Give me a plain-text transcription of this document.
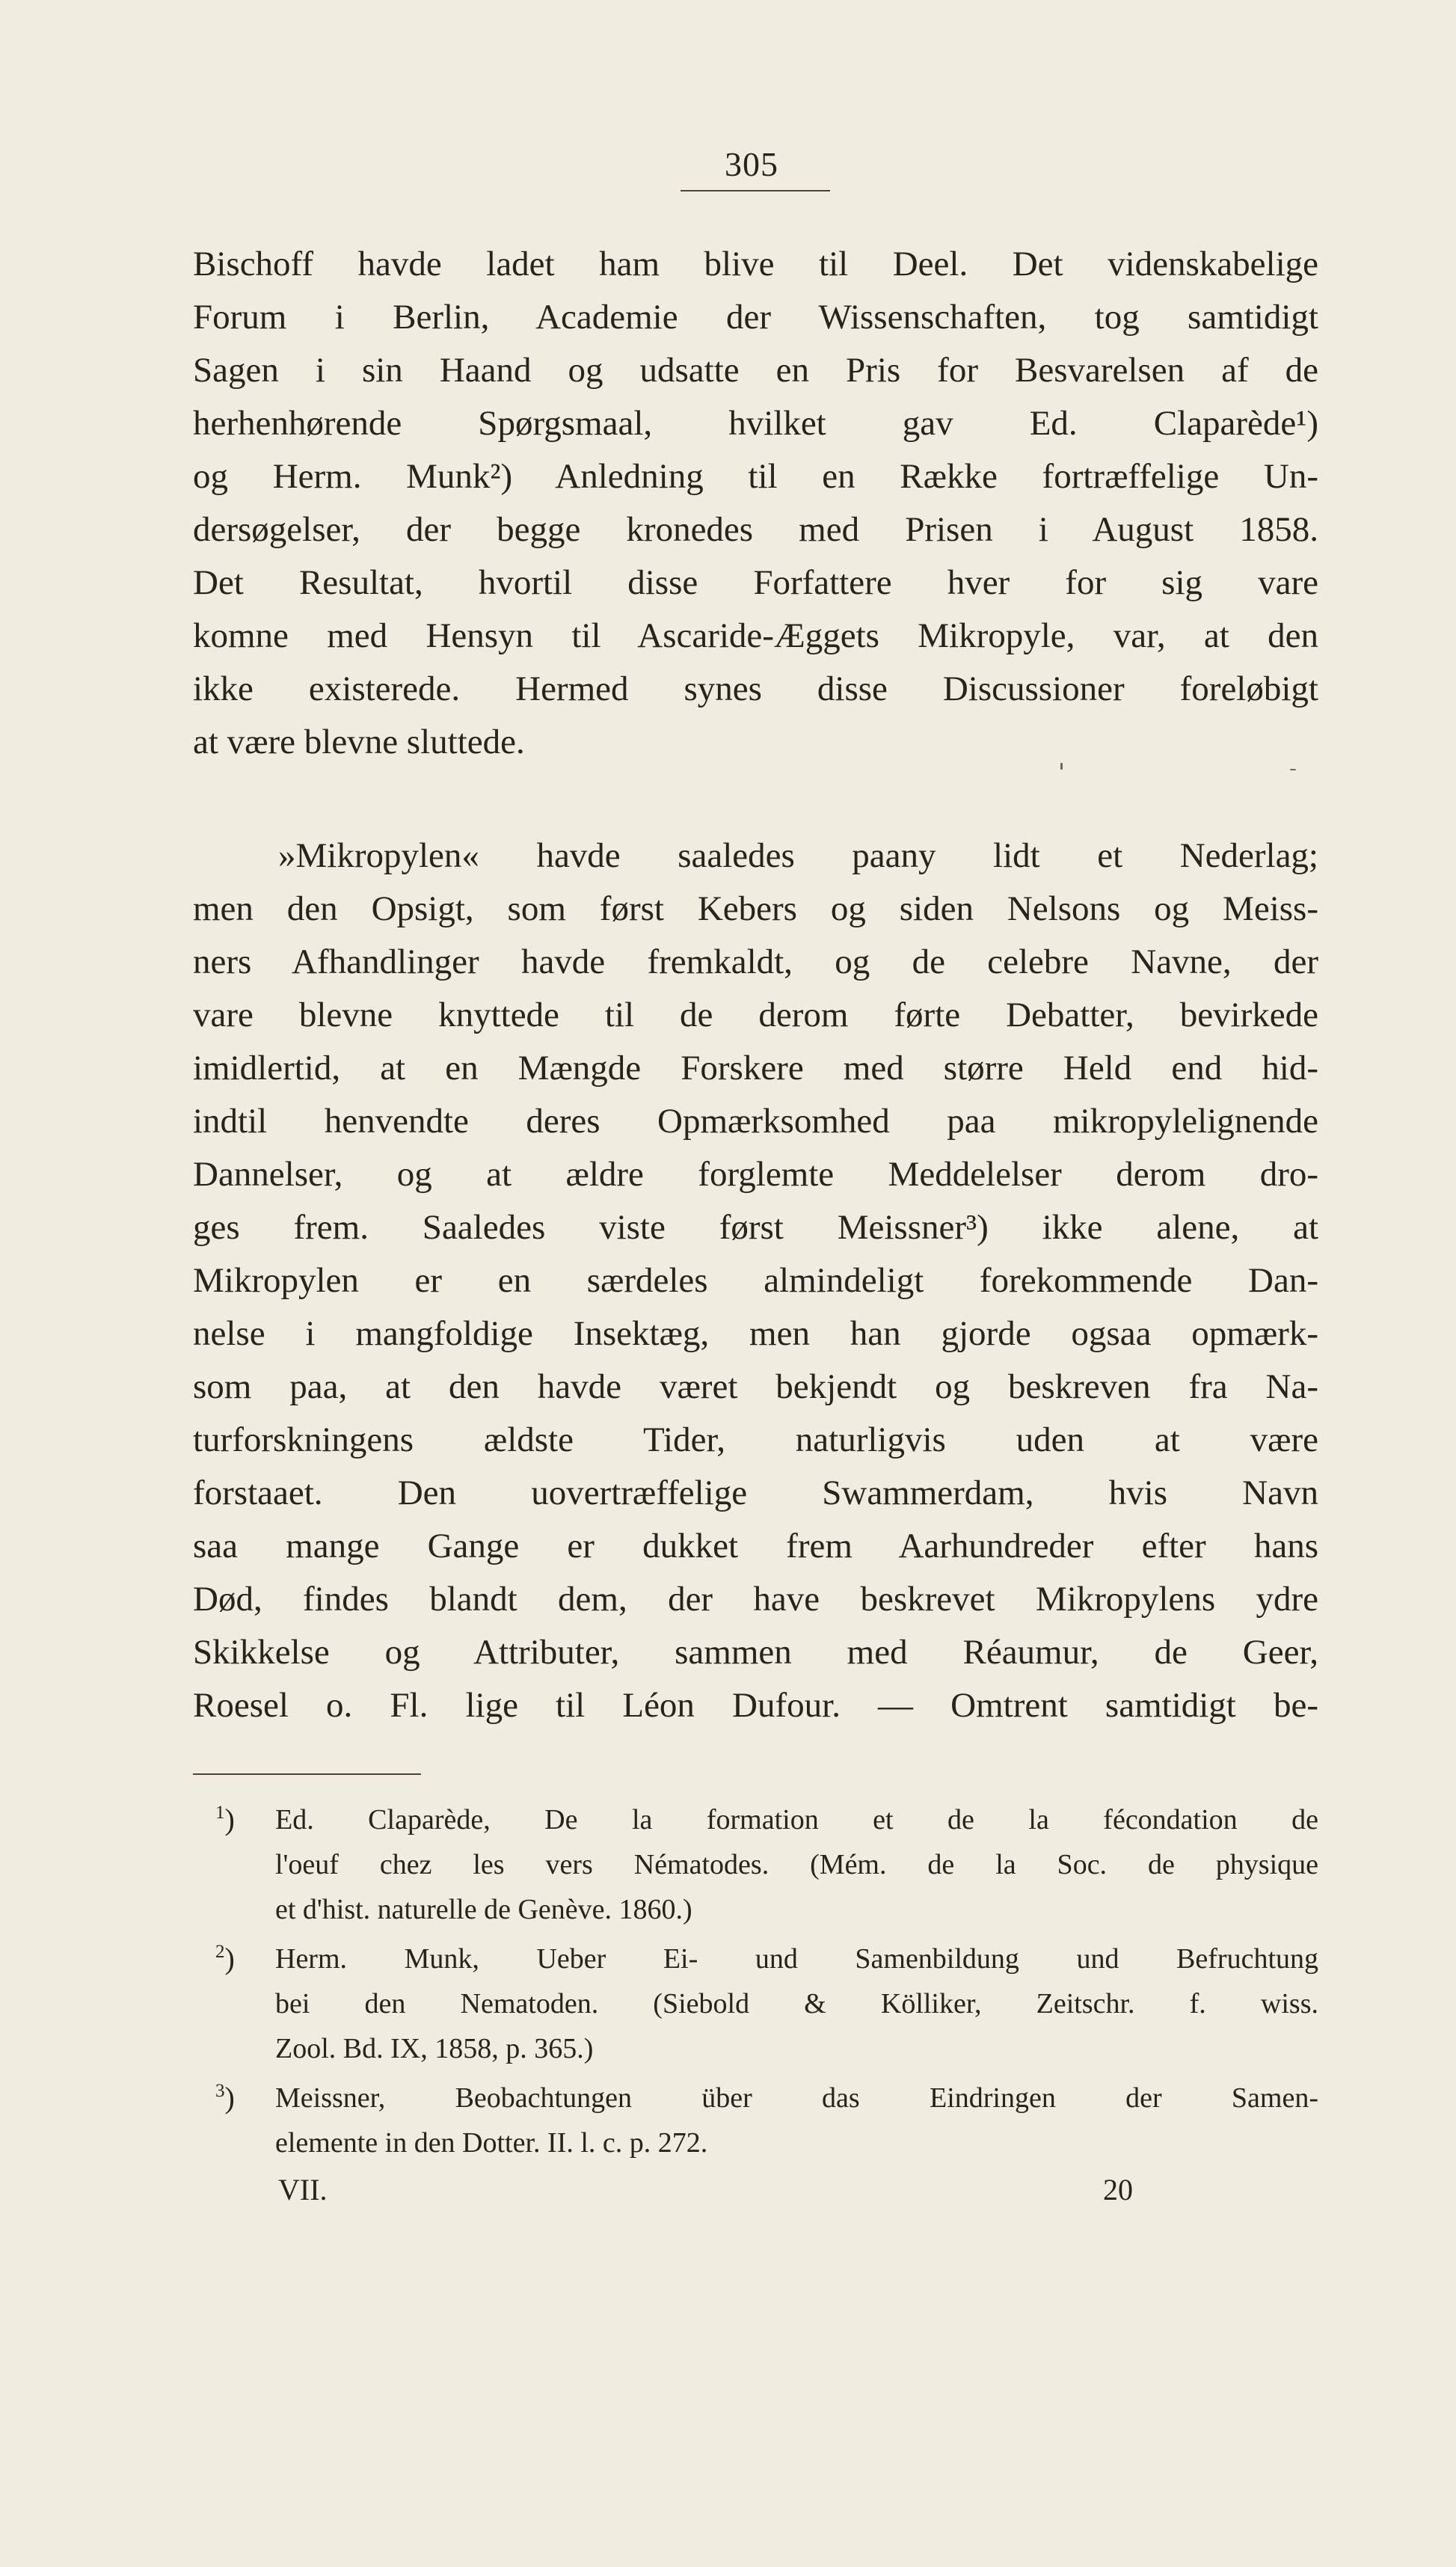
305
Bischoff havde ladet ham blive til Deel. Det videnskabelige
Forum i Berlin, Academie der Wissenschaften, tog samtidigt
Sagen i sin Haand og udsatte en Pris for Besvarelsen af de
herhenhørende Spørgsmaal, hvilket gav Ed. Claparède¹)
og Herm. Munk²) Anledning til en Række fortræffelige Un-
dersøgelser, der begge kronedes med Prisen i August 1858.
Det Resultat, hvortil disse Forfattere hver for sig vare
komne med Hensyn til Ascaride-Æggets Mikropyle, var, at den
ikke existerede. Hermed synes disse Discussioner foreløbigt
at være blevne sluttede.
»Mikropylen« havde saaledes paany lidt et Nederlag;
men den Opsigt, som først Kebers og siden Nelsons og Meiss-
ners Afhandlinger havde fremkaldt, og de celebre Navne, der
vare blevne knyttede til de derom førte Debatter, bevirkede
imidlertid, at en Mængde Forskere med større Held end hid-
indtil henvendte deres Opmærksomhed paa mikropylelignende
Dannelser, og at ældre forglemte Meddelelser derom dro-
ges frem. Saaledes viste først Meissner³) ikke alene, at
Mikropylen er en særdeles almindeligt forekommende Dan-
nelse i mangfoldige Insektæg, men han gjorde ogsaa opmærk-
som paa, at den havde været bekjendt og beskreven fra Na-
turforskningens ældste Tider, naturligvis uden at være
forstaaet. Den uovertræffelige Swammerdam, hvis Navn
saa mange Gange er dukket frem Aarhundreder efter hans
Død, findes blandt dem, der have beskrevet Mikropylens ydre
Skikkelse og Attributer, sammen med Réaumur, de Geer,
Roesel o. Fl. lige til Léon Dufour. — Omtrent samtidigt be-
$^1$)	Ed. Claparède, De la formation et de la fécondation de
l'oeuf chez les vers Nématodes. (Mém. de la Soc. de physique
et d'hist. naturelle de Genève. 1860.)
$^2$)	Herm. Munk, Ueber Ei- und Samenbildung und Befruchtung
bei den Nematoden. (Siebold & Kölliker, Zeitschr. f. wiss.
Zool. Bd. IX, 1858, p. 365.)
$^3$)	Meissner, Beobachtungen über das Eindringen der Samen-
elemente in den Dotter. II. l. c. p. 272.
VII.	20
